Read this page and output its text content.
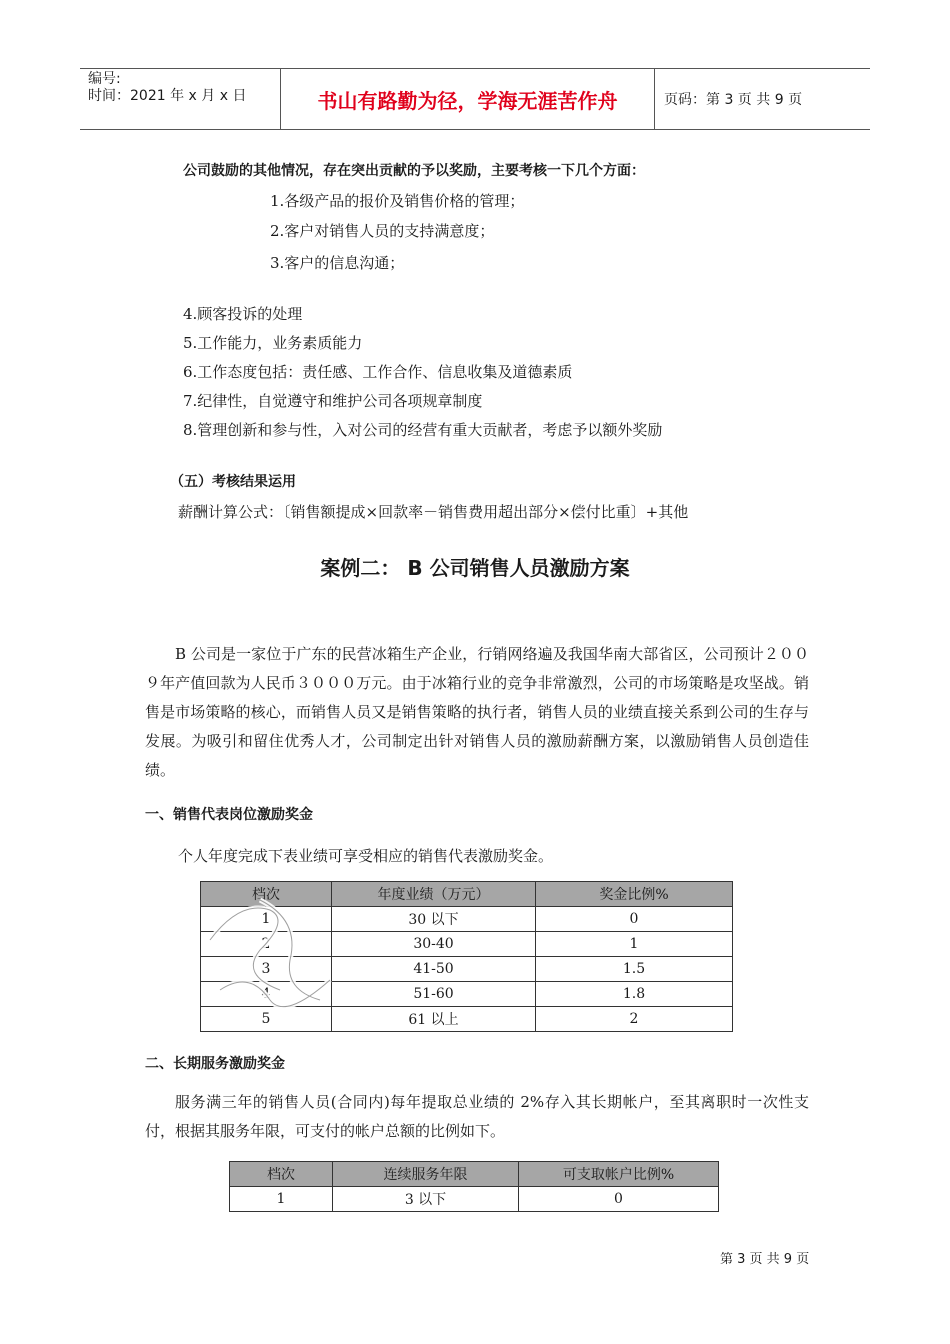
编号:
时间：2021 年 x 月 x 日	书山有路勤为径，学海无涯苦作舟	页码：第 3 页 共 9 页
公司鼓励的其他情况，存在突出贡献的予以奖励，主要考核一下几个方面：
1.各级产品的报价及销售价格的管理；
2.客户对销售人员的支持满意度；
3.客户的信息沟通；
4.顾客投诉的处理
5.工作能力，业务素质能力
6.工作态度包括：责任感、工作合作、信息收集及道德素质
7.纪律性，自觉遵守和维护公司各项规章制度
8.管理创新和参与性，入对公司的经营有重大贡献者，考虑予以额外奖励
（五）考核结果运用
薪酬计算公式：〔销售额提成×回款率－销售费用超出部分×偿付比重〕+其他
案例二： B 公司销售人员激励方案
B 公司是一家位于广东的民营冰箱生产企业，行销网络遍及我国华南大部省区，公司预计２００９年产值回款为人民币３０００万元。由于冰箱行业的竞争非常激烈，公司的市场策略是攻坚战。销售是市场策略的核心，而销售人员又是销售策略的执行者，销售人员的业绩直接关系到公司的生存与发展。为吸引和留住优秀人才，公司制定出针对销售人员的激励薪酬方案，以激励销售人员创造佳绩。
一、销售代表岗位激励奖金
个人年度完成下表业绩可享受相应的销售代表激励奖金。
档次	年度业绩（万元）	奖金比例%
1	30 以下	0
2	30-40	1
3	41-50	1.5
4	51-60	1.8
5	61 以上	2
二、长期服务激励奖金
服务满三年的销售人员(合同内)每年提取总业绩的 2%存入其长期帐户，至其离职时一次性支付，根据其服务年限，可支付的帐户总额的比例如下。
档次	连续服务年限	可支取帐户比例%
1	3 以下	0
第 3 页 共 9 页
